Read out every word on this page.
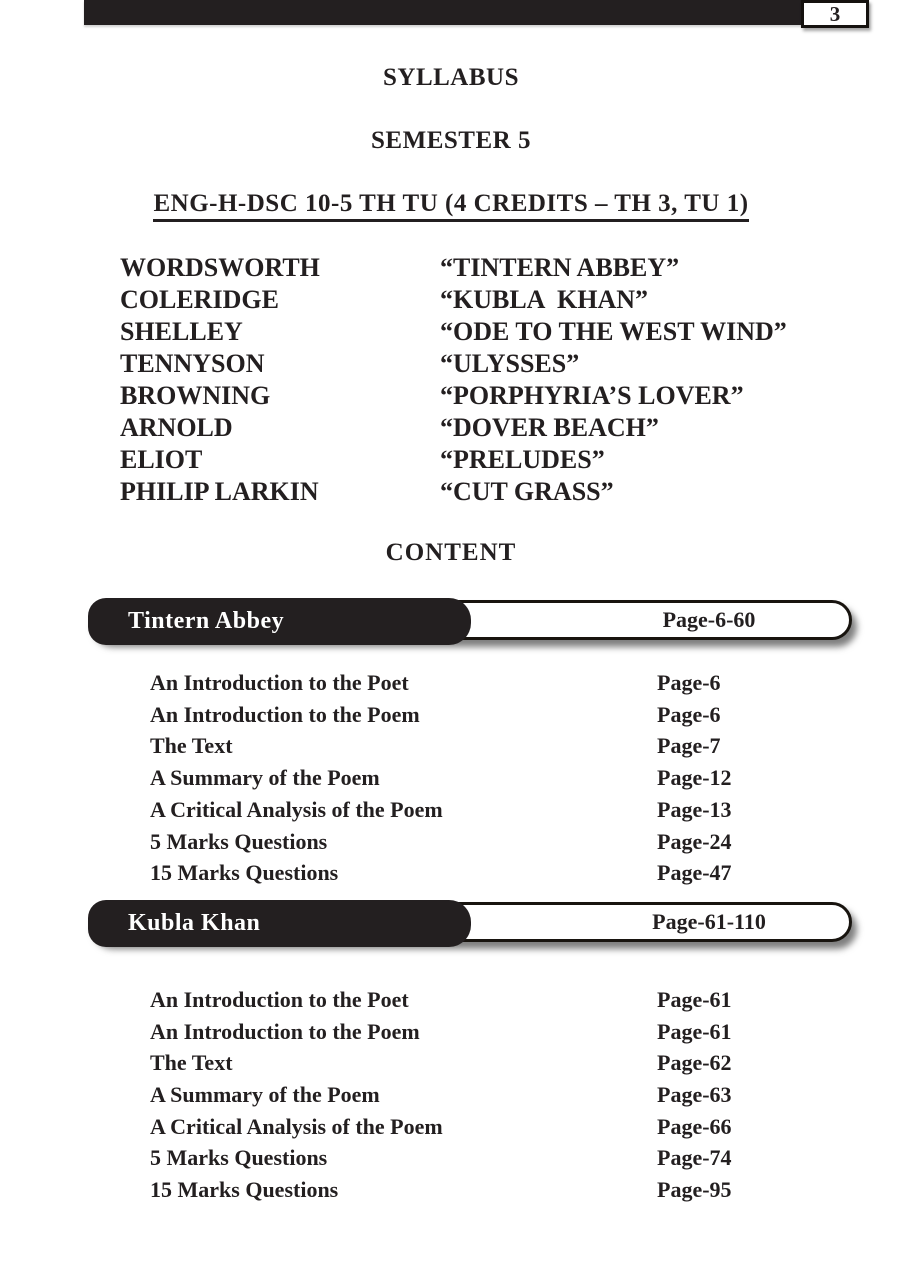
3
SYLLABUS
SEMESTER 5
ENG-H-DSC 10-5 TH TU (4 CREDITS – TH 3, TU 1)
WORDSWORTH	“TINTERN ABBEY”
COLERIDGE	“KUBLA  KHAN”
SHELLEY	“ODE TO THE WEST WIND”
TENNYSON	“ULYSSES”
BROWNING	“PORPHYRIA’S LOVER”
ARNOLD	“DOVER BEACH”
ELIOT	“PRELUDES”
PHILIP LARKIN	“CUT GRASS”
CONTENT
Tintern Abbey	Page-6-60
An Introduction to the Poet	Page-6
An Introduction to the Poem	Page-6
The Text	Page-7
A Summary of the Poem	Page-12
A Critical Analysis of the Poem	Page-13
5 Marks Questions	Page-24
15 Marks Questions	Page-47
Kubla Khan	Page-61-110
An Introduction to the Poet	Page-61
An Introduction to the Poem	Page-61
The Text	Page-62
A Summary of the Poem	Page-63
A Critical Analysis of the Poem	Page-66
5 Marks Questions	Page-74
15 Marks Questions	Page-95
